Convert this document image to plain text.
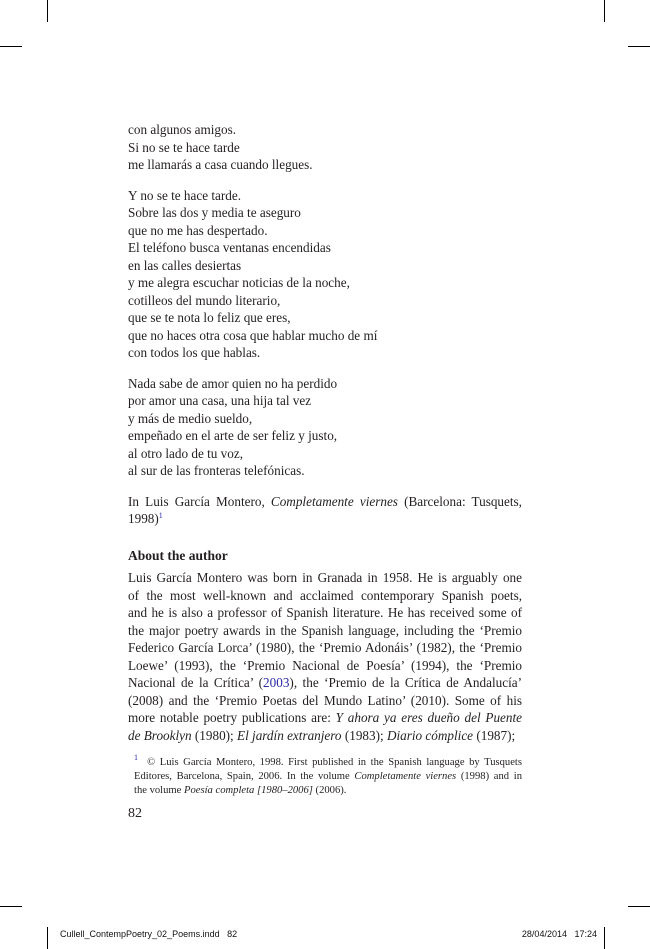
con algunos amigos.
Si no se te hace tarde
me llamarás a casa cuando llegues.
Y no se te hace tarde.
Sobre las dos y media te aseguro
que no me has despertado.
El teléfono busca ventanas encendidas
en las calles desiertas
y me alegra escuchar noticias de la noche,
cotilleos del mundo literario,
que se te nota lo feliz que eres,
que no haces otra cosa que hablar mucho de mí
con todos los que hablas.
Nada sabe de amor quien no ha perdido
por amor una casa, una hija tal vez
y más de medio sueldo,
empeñado en el arte de ser feliz y justo,
al otro lado de tu voz,
al sur de las fronteras telefónicas.
In Luis García Montero, Completamente viernes (Barcelona: Tusquets,
1998)$^1$
About the author
Luis García Montero was born in Granada in 1958. He is arguably one
of the most well-known and acclaimed contemporary Spanish poets,
and he is also a professor of Spanish literature. He has received some of
the major poetry awards in the Spanish language, including the ‘Premio
Federico García Lorca’ (1980), the ‘Premio Adonáis’ (1982), the ‘Premio
Loewe’ (1993), the ‘Premio Nacional de Poesía’ (1994), the ‘Premio
Nacional de la Crítica’ (2003), the ‘Premio de la Crítica de Andalucía’
(2008) and the ‘Premio Poetas del Mundo Latino’ (2010). Some of his
more notable poetry publications are: Y ahora ya eres dueño del Puente
de Brooklyn (1980); El jardín extranjero (1983); Diario cómplice (1987);
$^1$  © Luis García Montero, 1998. First published in the Spanish language by Tusquets
Editores, Barcelona, Spain, 2006. In the volume Completamente viernes (1998) and in
the volume Poesía completa [1980–2006] (2006).
82
Cullell_ContempPoetry_02_Poems.indd   82	28/04/2014   17:24
